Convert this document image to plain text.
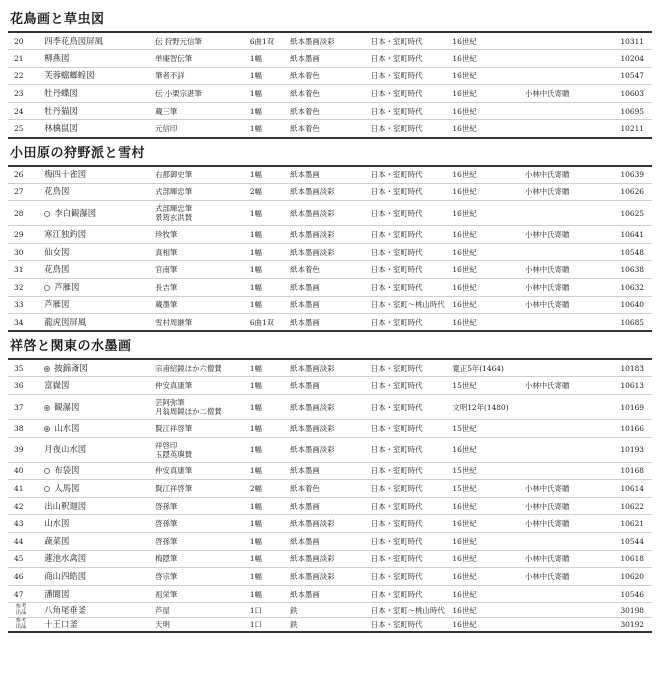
花鳥画と草虫図
20	四季花鳥図屏風	伝 狩野元信筆	6曲1双	紙本墨画淡彩	日本・室町時代	16世紀		10311
21	柳燕図	単庵智伝筆	1幅	紙本墨画	日本・室町時代	16世紀		10204
22	芙蓉蟷螂蝗図	筆者不詳	1幅	紙本着色	日本・室町時代	16世紀		10547
23	牡丹蝶図	伝 小栗宗湛筆	1幅	紙本着色	日本・室町時代	16世紀	小林中氏寄贈	10603
24	牡丹猫図	蔵三筆	1幅	紙本着色	日本・室町時代	16世紀		10695
25	林檎鼠図	元信印	1幅	紙本着色	日本・室町時代	16世紀		10211
小田原の狩野派と雪村
26	梅四十雀図	右都御史筆	1幅	紙本墨画	日本・室町時代	16世紀	小林中氏寄贈	10639
27	花鳥図	式部輝忠筆	2幅	紙本墨画淡彩	日本・室町時代	16世紀	小林中氏寄贈	10626
28	李白観瀑図	式部輝忠筆
景筠玄洪賛	1幅	紙本墨画淡彩	日本・室町時代	16世紀		10625
29	寒江独釣図	珍牧筆	1幅	紙本墨画淡彩	日本・室町時代	16世紀	小林中氏寄贈	10641
30	仙女図	真相筆	1幅	紙本墨画淡彩	日本・室町時代	16世紀		10548
31	花鳥図	官南筆	1幅	紙本着色	日本・室町時代	16世紀	小林中氏寄贈	10638
32	芦雁図	長吉筆	1幅	紙本墨画	日本・室町時代	16世紀	小林中氏寄贈	10632
33	芦雁図	蔵墨筆	1幅	紙本墨画	日本・室町〜桃山時代	16世紀	小林中氏寄贈	10640
34	龍虎図屏風	雪村周継筆	6曲1双	紙本墨画	日本・室町時代	16世紀		10685
祥啓と関東の水墨画
35	披錦斎図	宗甫紹鏡ほか六僧賛	1幅	紙本墨画淡彩	日本・室町時代	寛正5年(1464)		10183
36	富嶽図	仲安真康筆	1幅	紙本墨画	日本・室町時代	15世紀	小林中氏寄贈	10613
37	観瀑図	芸阿弥筆
月翁周鏡ほか二僧賛	1幅	紙本墨画淡彩	日本・室町時代	文明12年(1480)		10169
38	山水図	賢江祥啓筆	1幅	紙本墨画淡彩	日本・室町時代	15世紀		10166
39	月夜山水図	祥啓印
玉隠英璵賛	1幅	紙本墨画淡彩	日本・室町時代	16世紀		10193
40	布袋図	仲安真康筆	1幅	紙本墨画	日本・室町時代	15世紀		10168
41	人馬図	賢江祥啓筆	2幅	紙本着色	日本・室町時代	15世紀	小林中氏寄贈	10614
42	出山釈迦図	啓孫筆	1幅	紙本墨画	日本・室町時代	16世紀	小林中氏寄贈	10622
43	山水図	啓孫筆	1幅	紙本墨画淡彩	日本・室町時代	16世紀	小林中氏寄贈	10621
44	蔬菜図	啓孫筆	1幅	紙本墨画	日本・室町時代	16世紀		10544
45	蓮池水禽図	梅隠筆	1幅	紙本墨画淡彩	日本・室町時代	16世紀	小林中氏寄贈	10618
46	商山四皓図	啓宗筆	1幅	紙本墨画淡彩	日本・室町時代	16世紀	小林中氏寄贈	10620
47	潘閬図	祖栄筆	1幅	紙本墨画	日本・室町時代	16世紀		10546

参考
出品	八角尾垂釜	芦屋	1口	鉄	日本・室町〜桃山時代	16世紀		30198

参考
出品	十王口釜	天明	1口	鉄	日本・室町時代	16世紀		30192
